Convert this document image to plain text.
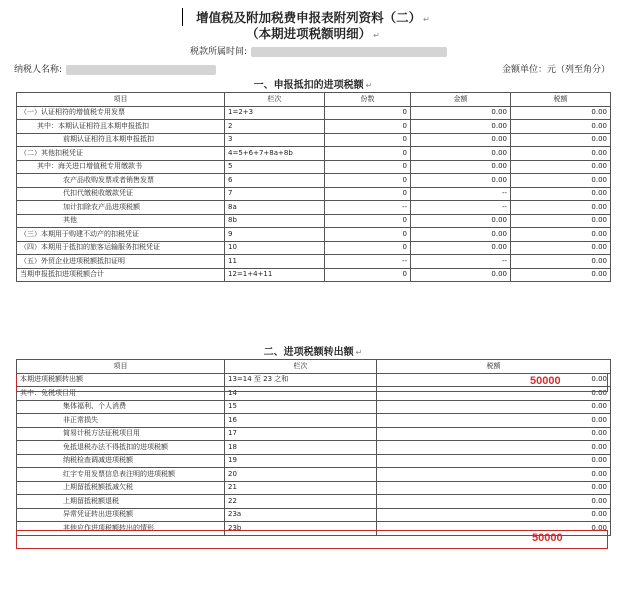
增值税及附加税费申报表附列资料（二） ↵
（本期进项税额明细） ↵
税款所属时间:
纳税人名称:	金额单位：元（列至角分）
一、申报抵扣的进项税额 ↵
项目	栏次	份数	金额	税额
（一）认证相符的增值税专用发票	1=2+3	0	0.00	0.00
其中：本期认证相符且本期申报抵扣	2	0	0.00	0.00
前期认证相符且本期申报抵扣	3	0	0.00	0.00
（二）其他扣税凭证	4=5+6+7+8a+8b	0	0.00	0.00
其中：海关进口增值税专用缴款书	5	0	0.00	0.00
农产品收购发票或者销售发票	6	0	0.00	0.00
代扣代缴税收缴款凭证	7	0	--	0.00
加计扣除农产品进项税额	8a	--	--	0.00
其他	8b	0	0.00	0.00
（三）本期用于购建不动产的扣税凭证	9	0	0.00	0.00
（四）本期用于抵扣的旅客运输服务扣税凭证	10	0	0.00	0.00
（五）外贸企业进项税额抵扣证明	11	--	--	0.00
当期申报抵扣进项税额合计	12=1+4+11	0	0.00	0.00
二、进项税额转出额 ↵
项目	栏次	税额
本期进项税额转出额	13=14 至 23 之和	0.00
其中：免税项目用	14	0.00
集体福利、个人消费	15	0.00
非正常损失	16	0.00
简易计税方法征税项目用	17	0.00
免抵退税办法不得抵扣的进项税额	18	0.00
纳税检查调减进项税额	19	0.00
红字专用发票信息表注明的进项税额	20	0.00
上期留抵税额抵减欠税	21	0.00
上期留抵税额退税	22	0.00
异常凭证转出进项税额	23a	0.00
其他应作进项税额转出的情形	23b	0.00
50000
50000
